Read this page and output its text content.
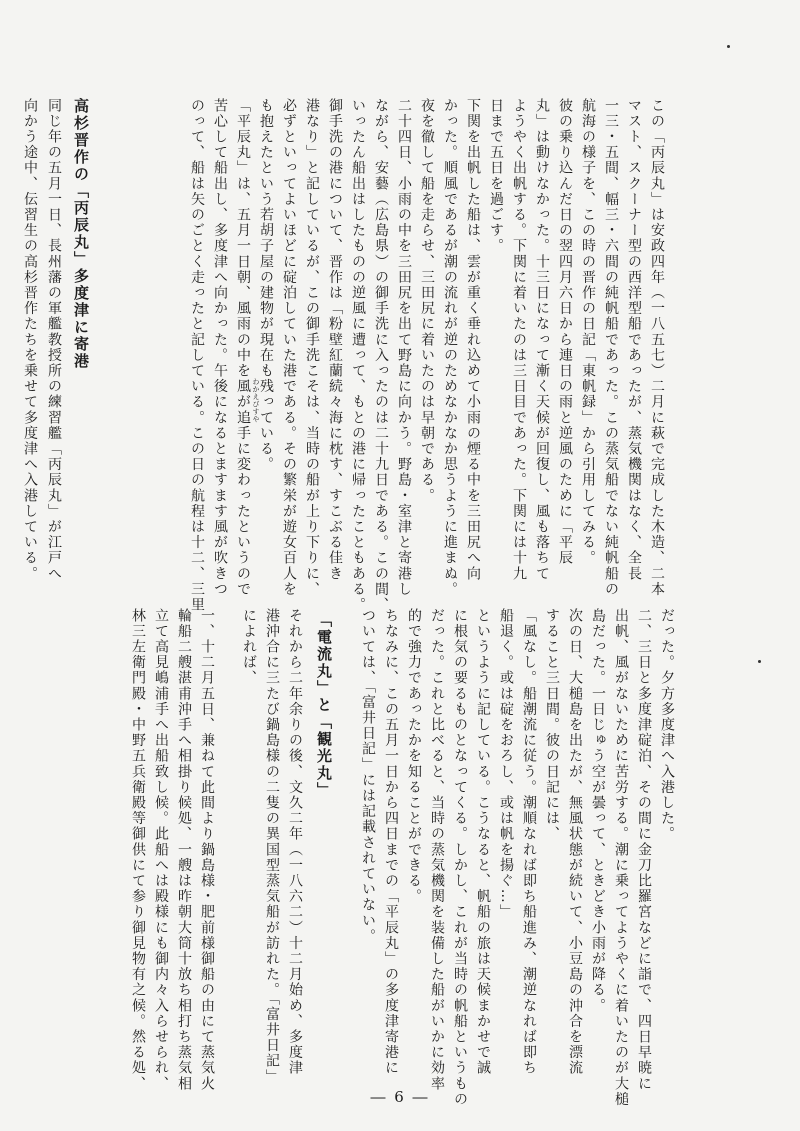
高杉晋作の「丙辰丸」多度津に寄港
同じ年の五月一日、長州藩の軍艦教授所の練習艦「丙辰丸」が江戸へ
向かう途中、伝習生の高杉晋作たちを乗せて多度津へ入港している。	この「丙辰丸」は安政四年（一八五七）二月に萩で完成した木造、二本
マスト、スクーナー型の西洋型船であったが、蒸気機関はなく、全長
一三・五間、幅三・六間の純帆船であった。この蒸気船でない純帆船の
航海の様子を、この時の晋作の日記「東帆録」から引用してみる。
彼の乗り込んだ日の翌四月六日から連日の雨と逆風のために「平辰
丸」は動けなかった。十三日になって漸く天候が回復し、風も落ちて
ようやく出帆する。下関に着いたのは三日目であった。下関には十九
日まで五日を過ごす。
下関を出帆した船は、雲が重く垂れ込めて小雨の煙る中を三田尻へ向
かった。順風であるが潮の流れが逆のためなかなか思うように進まぬ。
夜を徹して船を走らせ、三田尻に着いたのは早朝である。
二十四日、小雨の中を三田尻を出て野島に向かう。野島・室津と寄港し
ながら、安藝（広島県）の御手洗に入ったのは二十九日である。この間、
いったん船出はしたものの逆風に遭って、もとの港に帰ったこともある。
御手洗の港について、晋作は「粉壁紅蘭続々海に枕す、すこぶる佳き
港なり」と記しているが、この御手洗こそは、当時の船が上り下りに、
必ずといってよいほどに碇泊していた港である。その繁栄が遊女百人を
も抱えたという若胡子屋の建物が現在も残っている。
「平辰丸」は、五月一日朝、風雨の中を風が追手に変わったというので
苦心して船出し、多度津へ向かった。午後になるとますます風が吹きつ
のって、船は矢のごとく走ったと記している。この日の航程は十二、三里	わかえびすや
だった。夕方多度津へ入港した。
二、三日と多度津碇泊、その間に金刀比羅宮などに詣で、四日早暁に
出帆、風がないために苦労する。潮に乗ってようやくに着いたのが大槌
島だった。一日じゅう空が曇って、ときどき小雨が降る。
次の日、大槌島を出たが、無風状態が続いて、小豆島の沖合を漂流
すること三日間。彼の日記には、
「風なし。船潮流に従う。潮順なれば即ち船進み、潮逆なれば即ち
船退く。或は碇をおろし、或は帆を揚ぐ…」
というように記している。こうなると、帆船の旅は天候まかせで誠
に根気の要るものとなってくる。しかし、これが当時の帆船というもの
だった。これと比べると、当時の蒸気機関を装備した船がいかに効率
的で強力であったかを知ることができる。
ちなみに、この五月一日から四日までの「平辰丸」の多度津寄港に
ついては、「富井日記」には記載されていない。
「電流丸」と「観光丸」
それから二年余りの後、文久二年（一八六二）十二月始め、多度津
港沖合に三たび鍋島様の二隻の異国型蒸気船が訪れた。「富井日記」
によれば、
一、十二月五日、兼ねて此間より鍋島様・肥前様御船の由にて蒸気火
輪船二艘湛甫沖手へ相掛り候処、一艘は昨朝大筒十放ち相打ち蒸気相
立て高見嶋浦手へ出船致し候。此船へは殿様にも御内々入らせられ、
林三左衛門殿・中野五兵衛殿等御供にて参り御見物有之候。然る処、
― 6 ―
